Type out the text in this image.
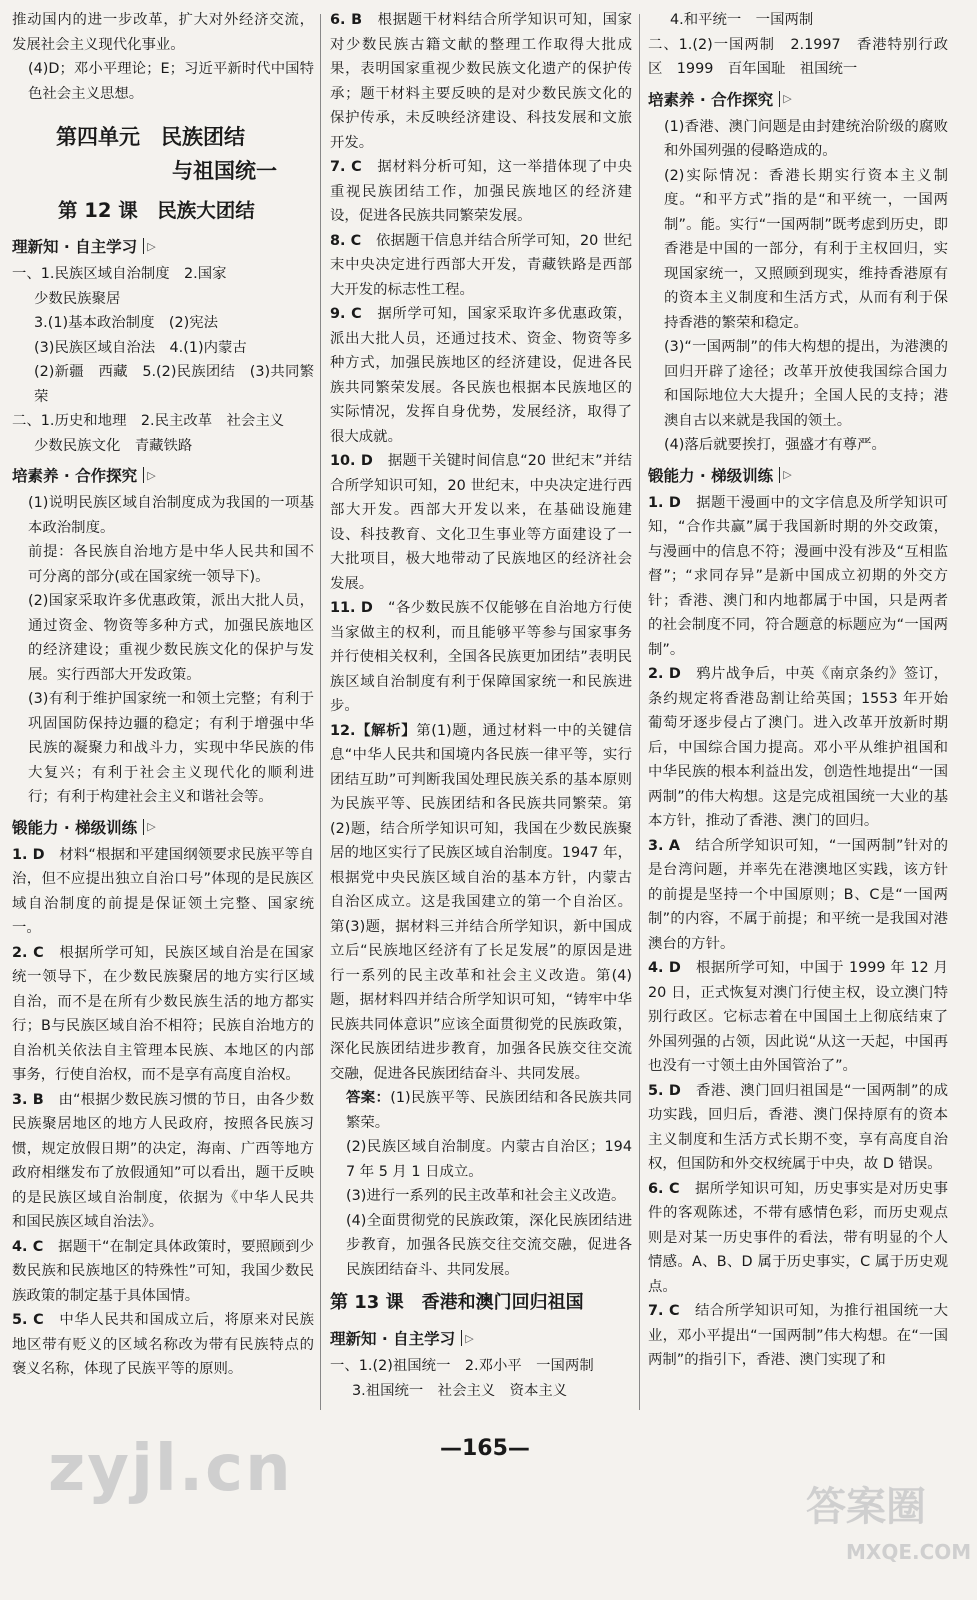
推动国内的进一步改革，扩大对外经济交流，发展社会主义现代化事业。

(4)D；邓小平理论；E；习近平新时代中国特色社会主义思想。

第四单元　民族团结
与祖国统一
第 12 课　民族大团结
理新知 · 自主学习 ▷

一、1.民族区域自治制度　2.国家

少数民族聚居

3.(1)基本政治制度　(2)宪法

(3)民族区域自治法　4.(1)内蒙古

(2)新疆　西藏　5.(2)民族团结　(3)共同繁荣

二、1.历史和地理　2.民主改革　社会主义

少数民族文化　青藏铁路

培素养 · 合作探究 ▷

(1)说明民族区域自治制度成为我国的一项基本政治制度。

前提：各民族自治地方是中华人民共和国不可分离的部分(或在国家统一领导下)。

(2)国家采取许多优惠政策，派出大批人员，通过资金、物资等多种方式，加强民族地区的经济建设；重视少数民族文化的保护与发展。实行西部大开发政策。

(3)有利于维护国家统一和领土完整；有利于巩固国防保持边疆的稳定；有利于增强中华民族的凝聚力和战斗力，实现中华民族的伟大复兴；有利于社会主义现代化的顺利进行；有利于构建社会主义和谐社会等。

锻能力 · 梯级训练 ▷

1. D　 材料“根据和平建国纲领要求民族平等自治，但不应提出独立自治口号”体现的是民族区域自治制度的前提是保证领土完整、国家统一。

2. C　 根据所学可知，民族区域自治是在国家统一领导下，在少数民族聚居的地方实行区域自治，而不是在所有少数民族生活的地方都实行；B与民族区域自治不相符；民族自治地方的自治机关依法自主管理本民族、本地区的内部事务，行使自治权，而不是享有高度自治权。

3. B　 由“根据少数民族习惯的节日，由各少数民族聚居地区的地方人民政府，按照各民族习惯，规定放假日期”的决定，海南、广西等地方政府相继发布了放假通知”可以看出，题干反映的是民族区域自治制度，依据为《中华人民共和国民族区域自治法》。

4. C　 据题干“在制定具体政策时，要照顾到少数民族和民族地区的特殊性”可知，我国少数民族政策的制定基于具体国情。

5. C　 中华人民共和国成立后，将原来对民族地区带有贬义的区域名称改为带有民族特点的褒义名称，体现了民族平等的原则。

6. B　 根据题干材料结合所学知识可知，国家对少数民族古籍文献的整理工作取得大批成果，表明国家重视少数民族文化遗产的保护传承；题干材料主要反映的是对少数民族文化的保护传承，未反映经济建设、科技发展和文旅开发。

7. C　 据材料分析可知，这一举措体现了中央重视民族团结工作，加强民族地区的经济建设，促进各民族共同繁荣发展。

8. C　 依据题干信息并结合所学可知，20 世纪末中央决定进行西部大开发，青藏铁路是西部大开发的标志性工程。

9. C　 据所学可知，国家采取许多优惠政策，派出大批人员，还通过技术、资金、物资等多种方式，加强民族地区的经济建设，促进各民族共同繁荣发展。各民族也根据本民族地区的实际情况，发挥自身优势，发展经济，取得了很大成就。

10. D　 据题干关键时间信息“20 世纪末”并结合所学知识可知，20 世纪末，中央决定进行西部大开发。西部大开发以来，在基础设施建设、科技教育、文化卫生事业等方面建设了一大批项目，极大地带动了民族地区的经济社会发展。

11. D　 “各少数民族不仅能够在自治地方行使当家做主的权利，而且能够平等参与国家事务并行使相关权利，全国各民族更加团结”表明民族区域自治制度有利于保障国家统一和民族进步。

12.【解析】第(1)题，通过材料一中的关键信息“中华人民共和国境内各民族一律平等，实行团结互助”可判断我国处理民族关系的基本原则为民族平等、民族团结和各民族共同繁荣。第(2)题，结合所学知识可知，我国在少数民族聚居的地区实行了民族区域自治制度。1947 年，根据党中央民族区域自治的基本方针，内蒙古自治区成立。这是我国建立的第一个自治区。第(3)题，据材料三并结合所学知识，新中国成立后“民族地区经济有了长足发展”的原因是进行一系列的民主改革和社会主义改造。第(4)题，据材料四并结合所学知识可知，“铸牢中华民族共同体意识”应该全面贯彻党的民族政策，深化民族团结进步教育，加强各民族交往交流交融，促进各民族团结奋斗、共同发展。

答案：(1)民族平等、民族团结和各民族共同繁荣。

(2)民族区域自治制度。内蒙古自治区；1947 年 5 月 1 日成立。

(3)进行一系列的民主改革和社会主义改造。

(4)全面贯彻党的民族政策，深化民族团结进步教育，加强各民族交往交流交融，促进各民族团结奋斗、共同发展。

第 13 课　香港和澳门回归祖国
理新知 · 自主学习 ▷

一、1.(2)祖国统一　2.邓小平　一国两制

3.祖国统一　社会主义　资本主义

4.和平统一　一国两制

二、1.(2)一国两制　2.1997　香港特别行政区　1999　百年国耻　祖国统一

培素养 · 合作探究 ▷

(1)香港、澳门问题是由封建统治阶级的腐败和外国列强的侵略造成的。

(2)实际情况：香港长期实行资本主义制度。“和平方式”指的是“和平统一，一国两制”。能。实行“一国两制”既考虑到历史，即香港是中国的一部分，有利于主权回归，实现国家统一，又照顾到现实，维持香港原有的资本主义制度和生活方式，从而有利于保持香港的繁荣和稳定。

(3)“一国两制”的伟大构想的提出，为港澳的回归开辟了途径；改革开放使我国综合国力和国际地位大大提升；全国人民的支持；港澳自古以来就是我国的领土。

(4)落后就要挨打，强盛才有尊严。

锻能力 · 梯级训练 ▷

1. D　 据题干漫画中的文字信息及所学知识可知，“合作共赢”属于我国新时期的外交政策，与漫画中的信息不符；漫画中没有涉及“互相监督”；“求同存异”是新中国成立初期的外交方针；香港、澳门和内地都属于中国，只是两者的社会制度不同，符合题意的标题应为“一国两制”。

2. D　 鸦片战争后，中英《南京条约》签订，条约规定将香港岛割让给英国；1553 年开始葡萄牙逐步侵占了澳门。进入改革开放新时期后，中国综合国力提高。邓小平从维护祖国和中华民族的根本利益出发，创造性地提出“一国两制”的伟大构想。这是完成祖国统一大业的基本方针，推动了香港、澳门的回归。

3. A　 结合所学知识可知，“一国两制”针对的是台湾问题，并率先在港澳地区实践，该方针的前提是坚持一个中国原则；B、C是“一国两制”的内容，不属于前提；和平统一是我国对港澳台的方针。

4. D　 根据所学可知，中国于 1999 年 12 月 20 日，正式恢复对澳门行使主权，设立澳门特别行政区。它标志着在中国国土上彻底结束了外国列强的占领，因此说“从这一天起，中国再也没有一寸领土由外国管治了”。

5. D　 香港、澳门回归祖国是“一国两制”的成功实践，回归后，香港、澳门保持原有的资本主义制度和生活方式长期不变，享有高度自治权，但国防和外交权统属于中央，故 D 错误。

6. C　 据所学知识可知，历史事实是对历史事件的客观陈述，不带有感情色彩，而历史观点则是对某一历史事件的看法，带有明显的个人情感。A、B、D 属于历史事实，C 属于历史观点。

7. C　 结合所学知识可知，为推行祖国统一大业，邓小平提出“一国两制”伟大构想。在“一国两制”的指引下，香港、澳门实现了和

—165—
zyjl.cn
答案圈
MXQE.COM
